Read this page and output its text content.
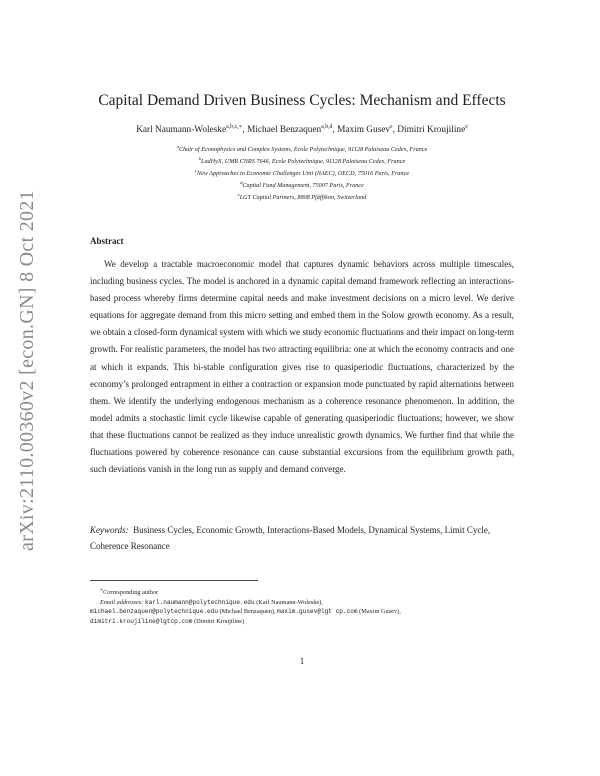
arXiv:2110.00360v2 [econ.GN] 8 Oct 2021
Capital Demand Driven Business Cycles: Mechanism and Effects
Karl Naumann-Woleske$^{a,b,c,∗}$, Michael Benzaquen$^{a,b,d}$, Maxim Gusev$^e$, Dimitri Kroujiline$^e$
$^a$Chair of Econophysics and Complex Systems, Ecole Polytechnique, 91128 Palaiseau Cedex, France
$^b$LadHyX, UMR CNRS 7646, Ecole Polytechnique, 91128 Palaiseau Cedex, France
$^c$New Approaches to Economic Challenges Unit (NAEC), OECD, 75016 Paris, France
$^d$Capital Fund Management, 75007 Paris, France
$^e$LGT Capital Partners, 8808 Pfäffikon, Switzerland
Abstract

We develop a tractable macroeconomic model that captures dynamic behaviors across multiple timescales, including business cycles. The model is anchored in a dynamic capital demand framework reflecting an interactions-based process whereby firms determine capital needs and make investment decisions on a micro level. We derive equations for aggregate demand from this micro setting and embed them in the Solow growth economy. As a result, we obtain a closed-form dynamical system with which we study economic fluctuations and their impact on long-term growth. For realistic parameters, the model has two attracting equilibria: one at which the economy contracts and one at which it expands. This bi-stable configuration gives rise to quasiperiodic fluctuations, characterized by the economy’s prolonged entrapment in either a contraction or expansion mode punctuated by rapid alternations between them. We identify the underlying endogenous mechanism as a coherence resonance phenomenon. In addition, the model admits a stochastic limit cycle likewise capable of generating quasiperiodic fluctuations; however, we show that these fluctuations cannot be realized as they induce unrealistic growth dynamics. We further find that while the fluctuations powered by coherence resonance can cause substantial excursions from the equilibrium growth path, such deviations vanish in the long run as supply and demand converge.

Keywords: Business Cycles, Economic Growth, Interactions-Based Models, Dynamical Systems, Limit Cycle, Coherence Resonance
∗Corresponding author
Email addresses: karl.naumann@polytechnique.edu (Karl Naumann-Woleske),
michael.benzaquen@polytechnique.edu (Michael Benzaquen), maxim.gusev@lgt cp.com (Maxim Gusev),
dimitri.kroujiline@lgtcp.com (Dimitri Kroujiline)
1
